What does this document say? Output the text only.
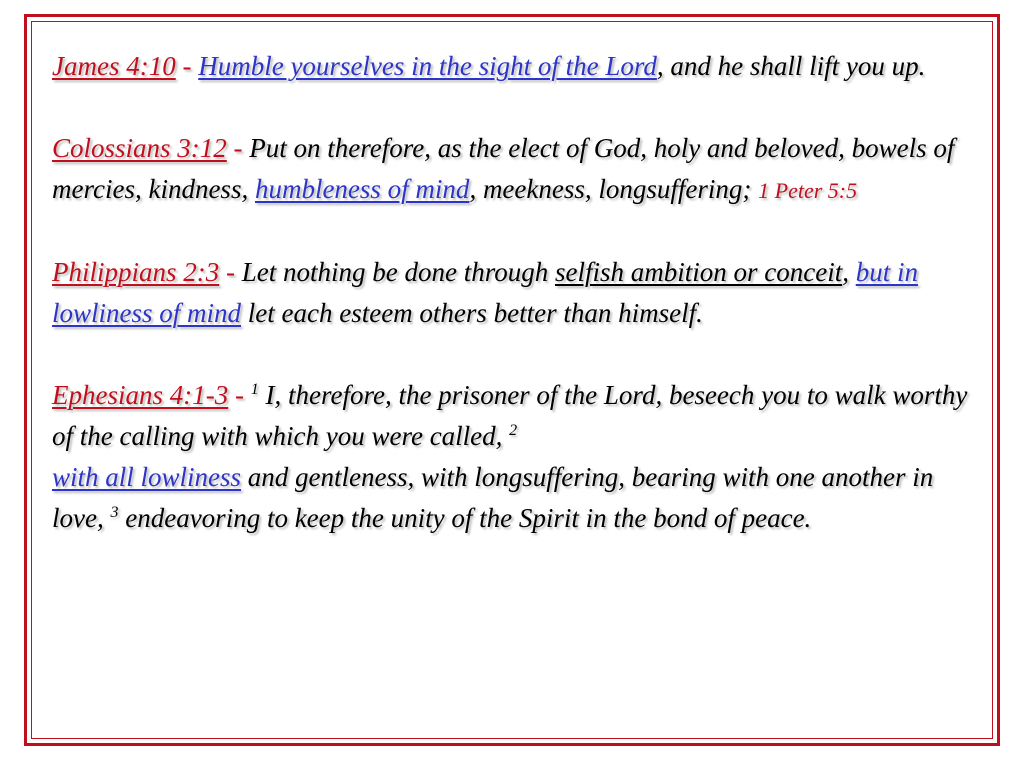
James 4:10 - Humble yourselves in the sight of the Lord, and he shall lift you up.

Colossians 3:12 - Put on therefore, as the elect of God, holy and beloved, bowels of mercies, kindness, humbleness of mind, meekness, longsuffering; 1 Peter 5:5

Philippians 2:3 - Let nothing be done through selfish ambition or conceit, but in lowliness of mind let each esteem others better than himself.

Ephesians 4:1-3 - $^1$ I, therefore, the prisoner of the Lord, beseech you to walk worthy of the calling with which you were called, $^2$
with all lowliness and gentleness, with longsuffering, bearing with one another in love, $^3$ endeavoring to keep the unity of the Spirit in the bond of peace.
